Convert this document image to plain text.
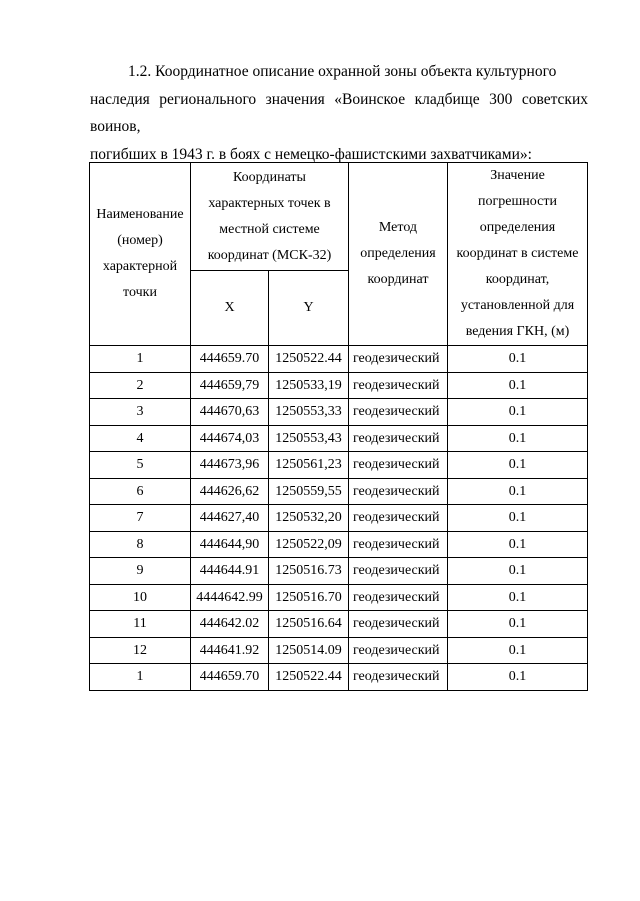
1.2. Координатное описание охранной зоны объекта культурного
наследия регионального значения «Воинское кладбище 300 советских воинов,
погибших в 1943 г. в боях с немецко-фашистскими захватчиками»:
Наименование (номер) характерной точки	Координаты характерных точек в местной системе координат (МСК-32)		Метод определения координат	Значение погрешности определения координат в системе координат, установленной для ведения ГКН, (м)
	X	Y		
1	444659.70	1250522.44	геодезический	0.1
2	444659,79	1250533,19	геодезический	0.1
3	444670,63	1250553,33	геодезический	0.1
4	444674,03	1250553,43	геодезический	0.1
5	444673,96	1250561,23	геодезический	0.1
6	444626,62	1250559,55	геодезический	0.1
7	444627,40	1250532,20	геодезический	0.1
8	444644,90	1250522,09	геодезический	0.1
9	444644.91	1250516.73	геодезический	0.1
10	4444642.99	1250516.70	геодезический	0.1
11	444642.02	1250516.64	геодезический	0.1
12	444641.92	1250514.09	геодезический	0.1
1	444659.70	1250522.44	геодезический	0.1
